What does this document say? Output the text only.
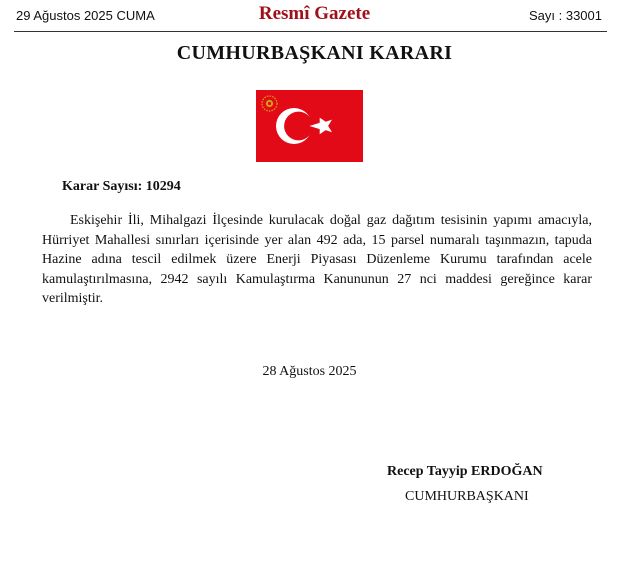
29 Ağustos 2025 CUMA	Resmî Gazete	Sayı : 33001
CUMHURBAŞKANI KARARI
Karar Sayısı: 10294

Eskişehir İli, Mihalgazi İlçesinde kurulacak doğal gaz dağıtım tesisinin yapımı amacıyla, Hürriyet Mahallesi sınırları içerisinde yer alan 492 ada, 15 parsel numaralı taşınmazın, tapuda Hazine adına tescil edilmek üzere Enerji Piyasası Düzenleme Kurumu tarafından acele kamulaştırılmasına, 2942 sayılı Kamulaştırma Kanununun 27 nci maddesi gereğince karar verilmiştir.

28 Ağustos 2025
Recep Tayyip ERDOĞAN
CUMHURBAŞKANI
